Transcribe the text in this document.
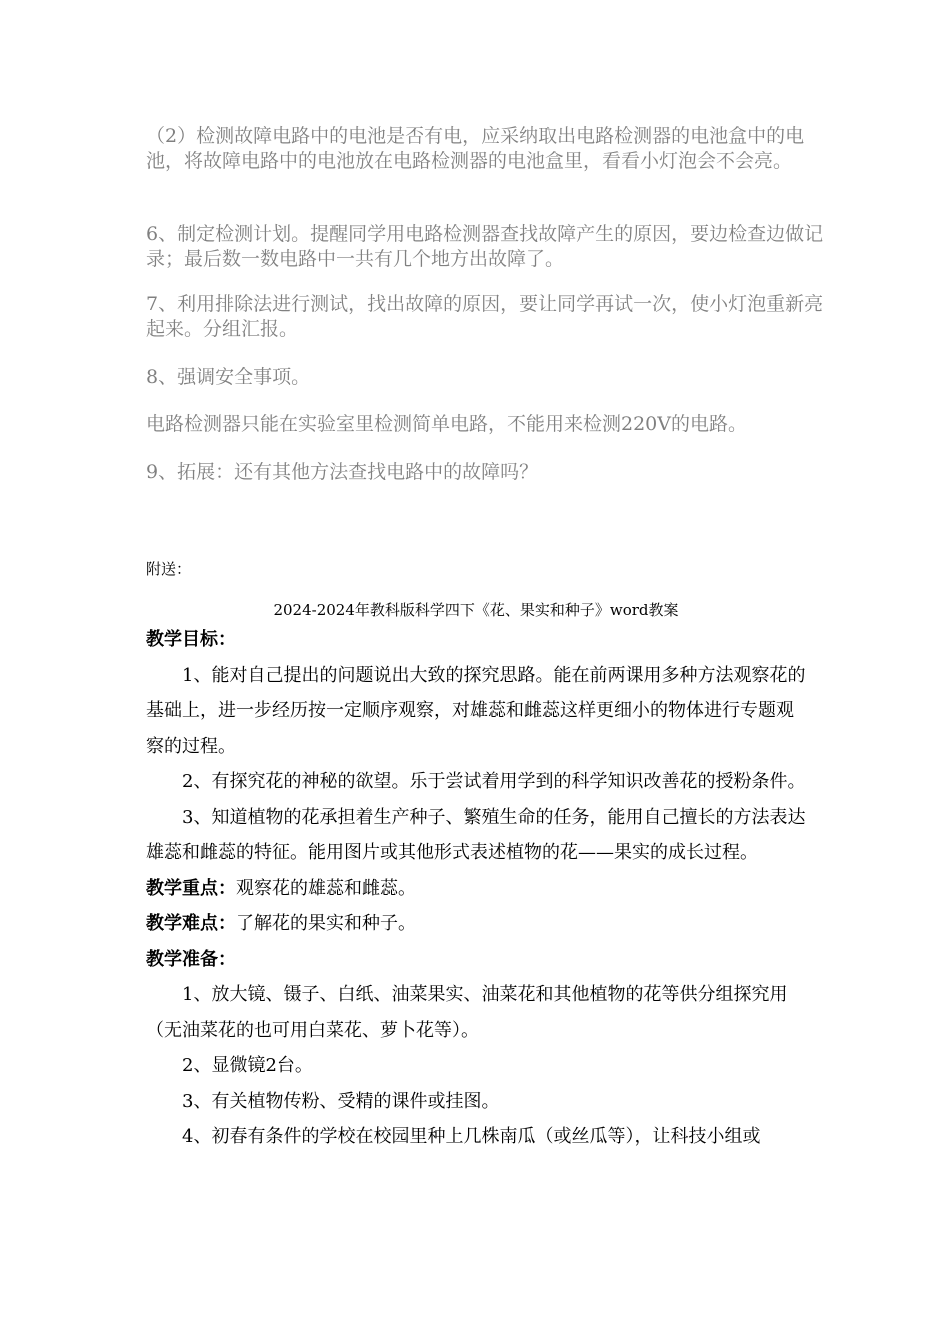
（2）检测故障电路中的电池是否有电，应采纳取出电路检测器的电池盒中的电池，将故障电路中的电池放在电路检测器的电池盒里，看看小灯泡会不会亮。

6、制定检测计划。提醒同学用电路检测器查找故障产生的原因，要边检查边做记录；最后数一数电路中一共有几个地方出故障了。

7、利用排除法进行测试，找出故障的原因，要让同学再试一次，使小灯泡重新亮起来。分组汇报。

8、强调安全事项。

电路检测器只能在实验室里检测简单电路，不能用来检测220V的电路。

9、拓展：还有其他方法查找电路中的故障吗？

附送：
2024-2024年教科版科学四下《花、果实和种子》word教案

教学目标：

1、能对自己提出的问题说出大致的探究思路。能在前两课用多种方法观察花的基础上，进一步经历按一定顺序观察，对雄蕊和雌蕊这样更细小的物体进行专题观察的过程。

2、有探究花的神秘的欲望。乐于尝试着用学到的科学知识改善花的授粉条件。

3、知道植物的花承担着生产种子、繁殖生命的任务，能用自己擅长的方法表达雄蕊和雌蕊的特征。能用图片或其他形式表述植物的花——果实的成长过程。

教学重点：观察花的雄蕊和雌蕊。

教学难点：了解花的果实和种子。

教学准备：

1、放大镜、镊子、白纸、油菜果实、油菜花和其他植物的花等供分组探究用（无油菜花的也可用白菜花、萝卜花等）。

2、显微镜2台。

3、有关植物传粉、受精的课件或挂图。

4、初春有条件的学校在校园里种上几株南瓜（或丝瓜等），让科技小组或
